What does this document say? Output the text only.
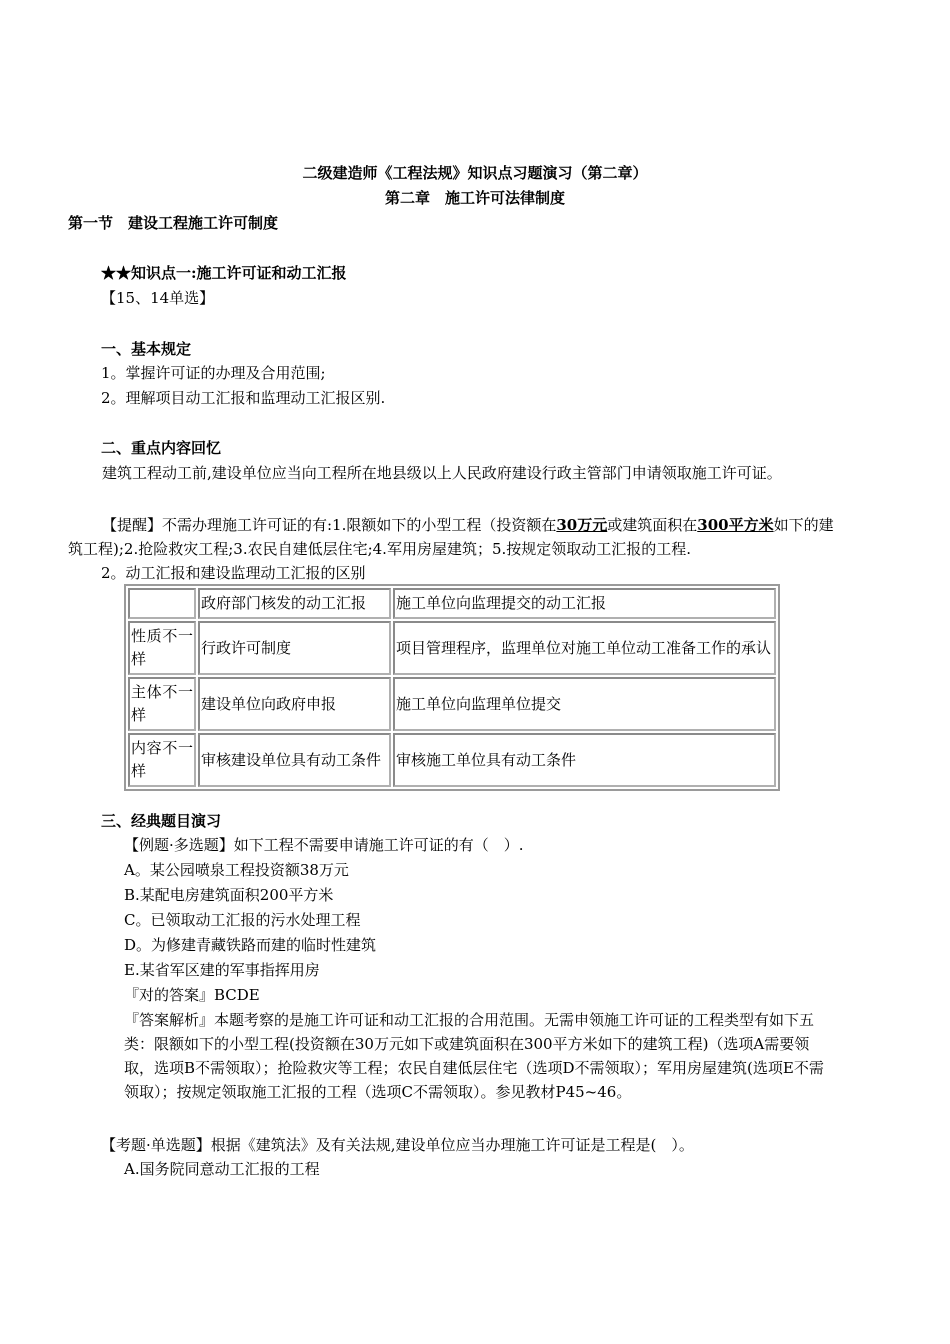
二级建造师《工程法规》知识点习题演习（第二章）
第二章　施工许可法律制度
第一节　建设工程施工许可制度
★★知识点一:施工许可证和动工汇报
【15、14单选】
一、基本规定
1。掌握许可证的办理及合用范围;
2。理解项目动工汇报和监理动工汇报区别.
二、重点内容回忆
建筑工程动工前,建设单位应当向工程所在地县级以上人民政府建设行政主管部门申请领取施工许可证。
【提醒】不需办理施工许可证的有:1.限额如下的小型工程（投资额在30万元或建筑面积在300平方米如下的建筑工程);2.抢险救灾工程;3.农民自建低层住宅;4.军用房屋建筑；5.按规定领取动工汇报的工程.
2。动工汇报和建设监理动工汇报的区别
	政府部门核发的动工汇报	施工单位向监理提交的动工汇报
性质不一样	行政许可制度	项目管理程序，监理单位对施工单位动工准备工作的承认
主体不一样	建设单位向政府申报	施工单位向监理单位提交
内容不一样	审核建设单位具有动工条件	审核施工单位具有动工条件
三、经典题目演习
【例题·多选题】如下工程不需要申请施工许可证的有（　）.
A。某公园喷泉工程投资额38万元
B.某配电房建筑面积200平方米
C。已领取动工汇报的污水处理工程
D。为修建青藏铁路而建的临时性建筑
E.某省军区建的军事指挥用房
『对的答案』BCDE
『答案解析』本题考察的是施工许可证和动工汇报的合用范围。无需申领施工许可证的工程类型有如下五类：限额如下的小型工程(投资额在30万元如下或建筑面积在300平方米如下的建筑工程)（选项A需要领取，选项B不需领取）；抢险救灾等工程；农民自建低层住宅（选项D不需领取）；军用房屋建筑(选项E不需领取）；按规定领取施工汇报的工程（选项C不需领取）。参见教材P45~46。
【考题·单选题】根据《建筑法》及有关法规,建设单位应当办理施工许可证是工程是(　）。
A.国务院同意动工汇报的工程
